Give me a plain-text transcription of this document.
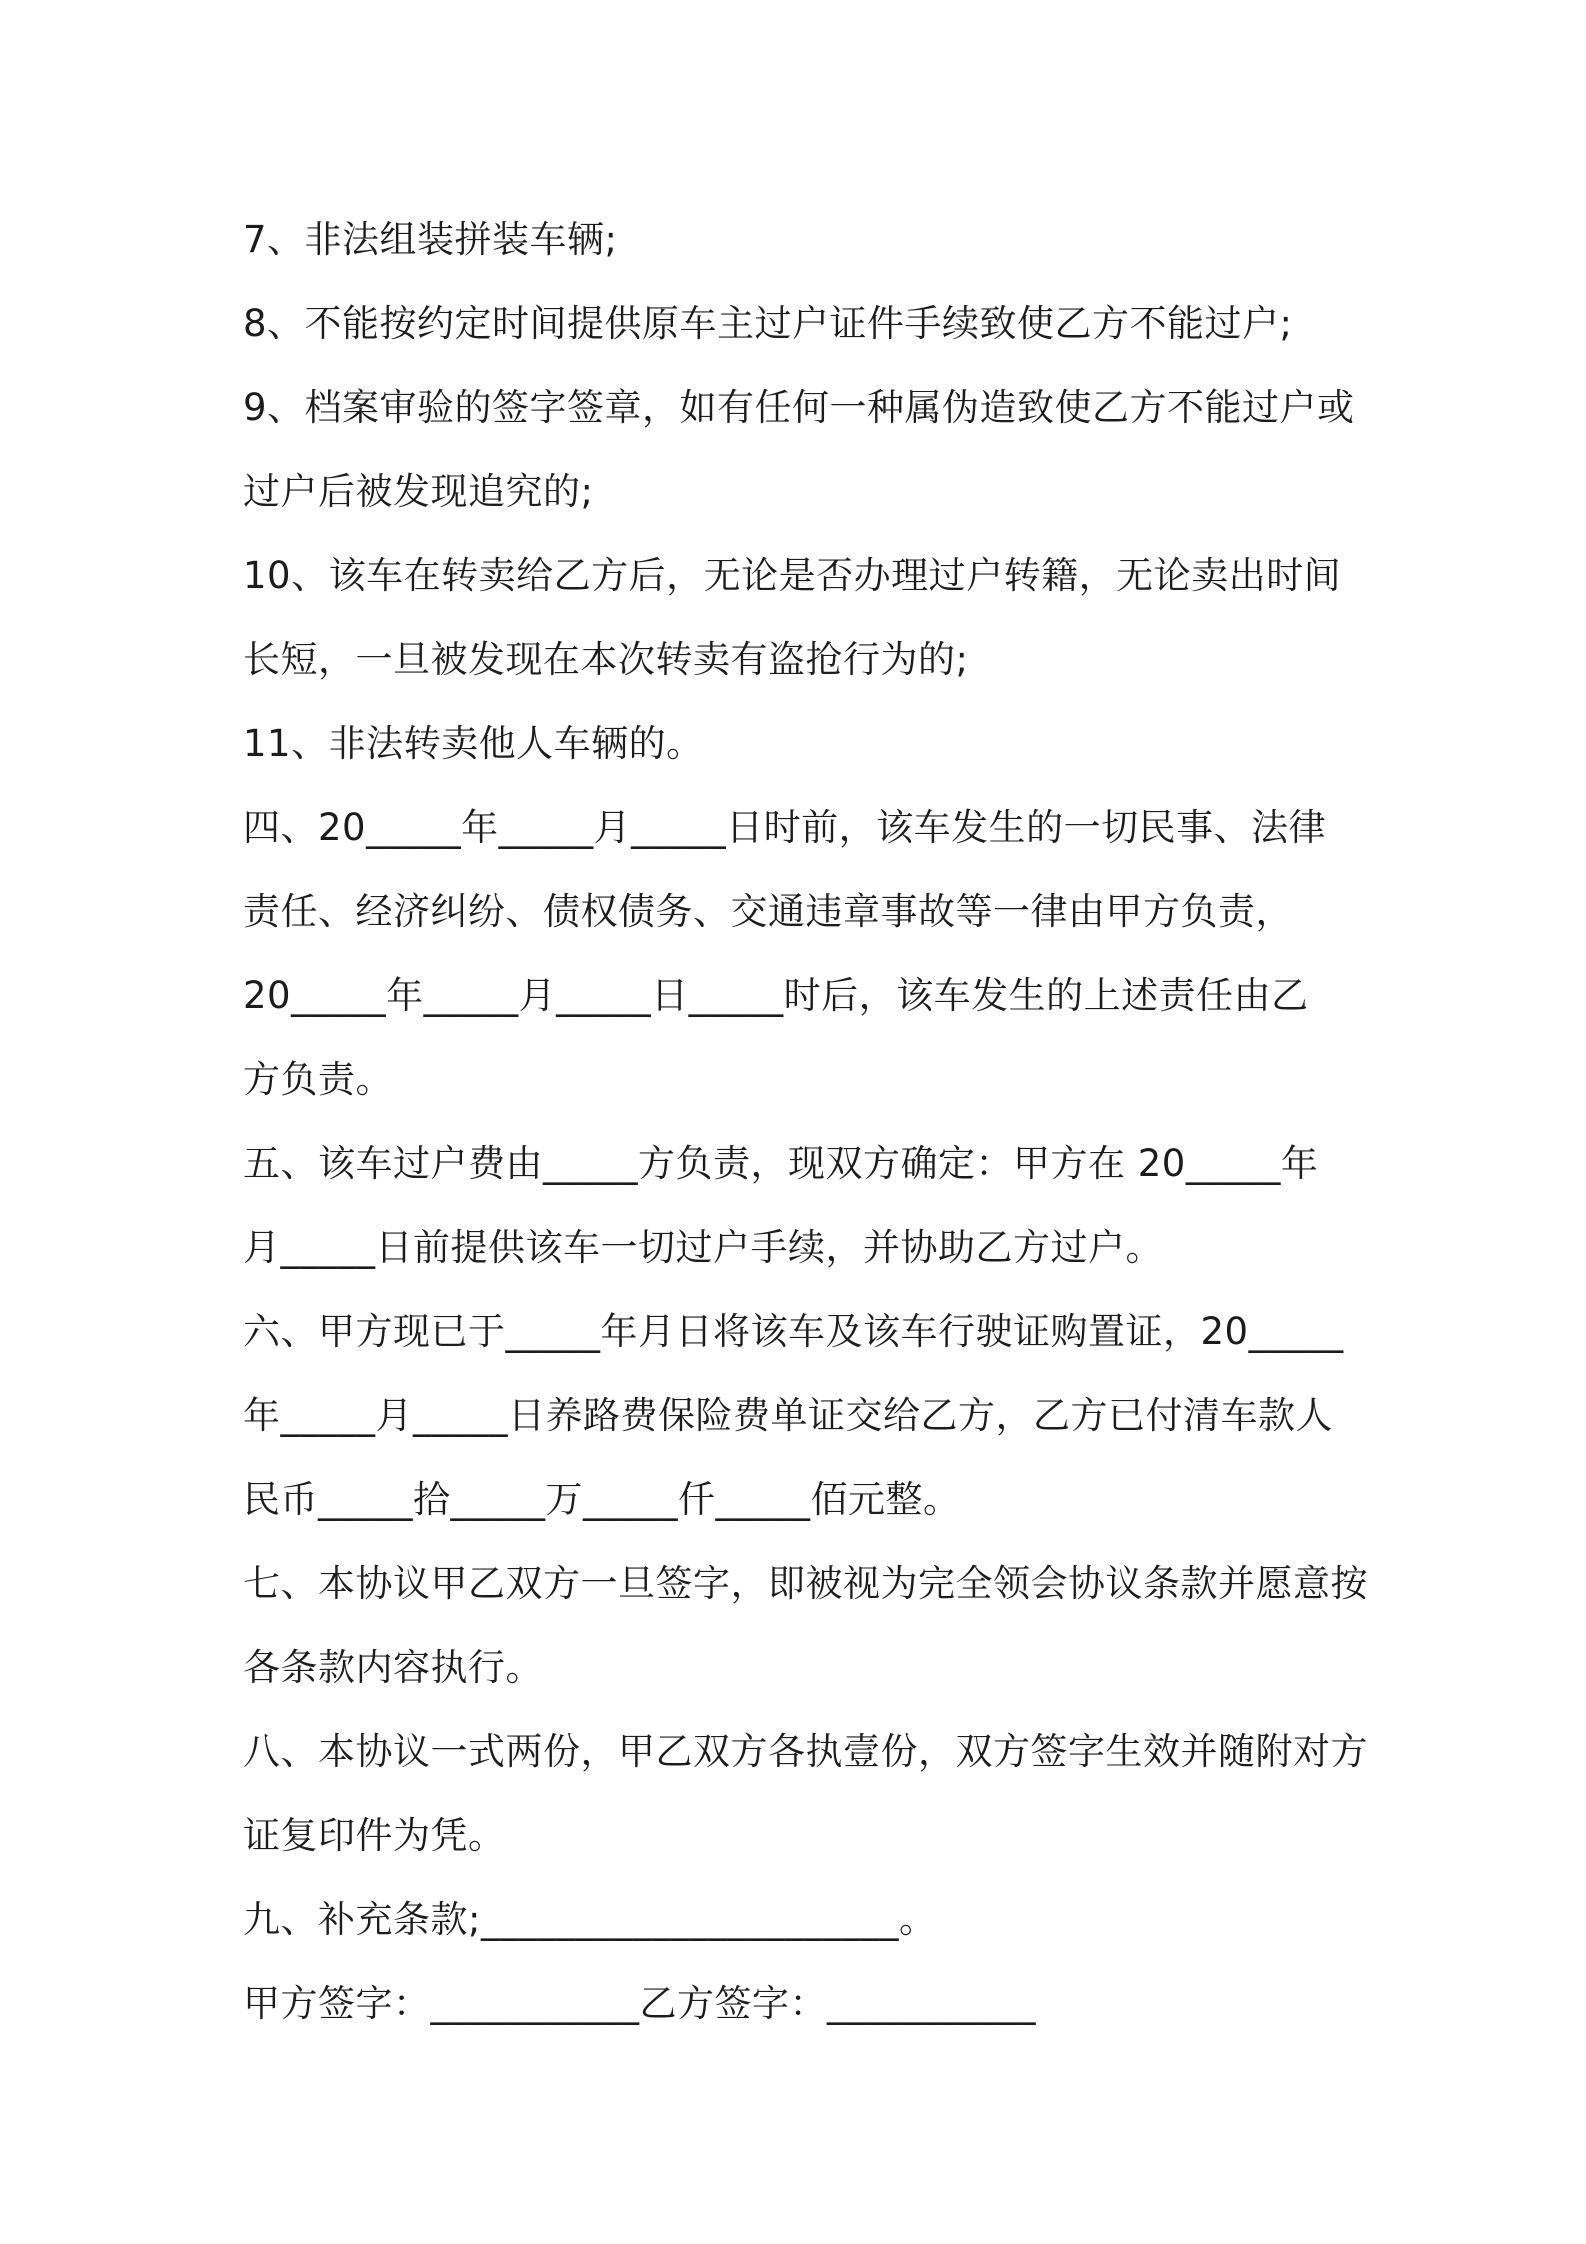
7、非法组装拼装车辆;
8、不能按约定时间提供原车主过户证件手续致使乙方不能过户;
9、档案审验的签字签章，如有任何一种属伪造致使乙方不能过户或
过户后被发现追究的;
10、该车在转卖给乙方后，无论是否办理过户转籍，无论卖出时间
长短，一旦被发现在本次转卖有盗抢行为的;
11、非法转卖他人车辆的。
四、20_____年_____月_____日时前，该车发生的一切民事、法律
责任、经济纠纷、债权债务、交通违章事故等一律由甲方负责，
20_____年_____月_____日_____时后，该车发生的上述责任由乙
方负责。
五、该车过户费由_____方负责，现双方确定：甲方在 20_____年
月_____日前提供该车一切过户手续，并协助乙方过户。
六、甲方现已于_____年月日将该车及该车行驶证购置证，20_____
年_____月_____日养路费保险费单证交给乙方，乙方已付清车款人
民币_____拾_____万_____仟_____佰元整。
七、本协议甲乙双方一旦签字，即被视为完全领会协议条款并愿意按
各条款内容执行。
八、本协议一式两份，甲乙双方各执壹份，双方签字生效并随附对方
证复印件为凭。
九、补充条款;______________________。
甲方签字：___________乙方签字：___________
